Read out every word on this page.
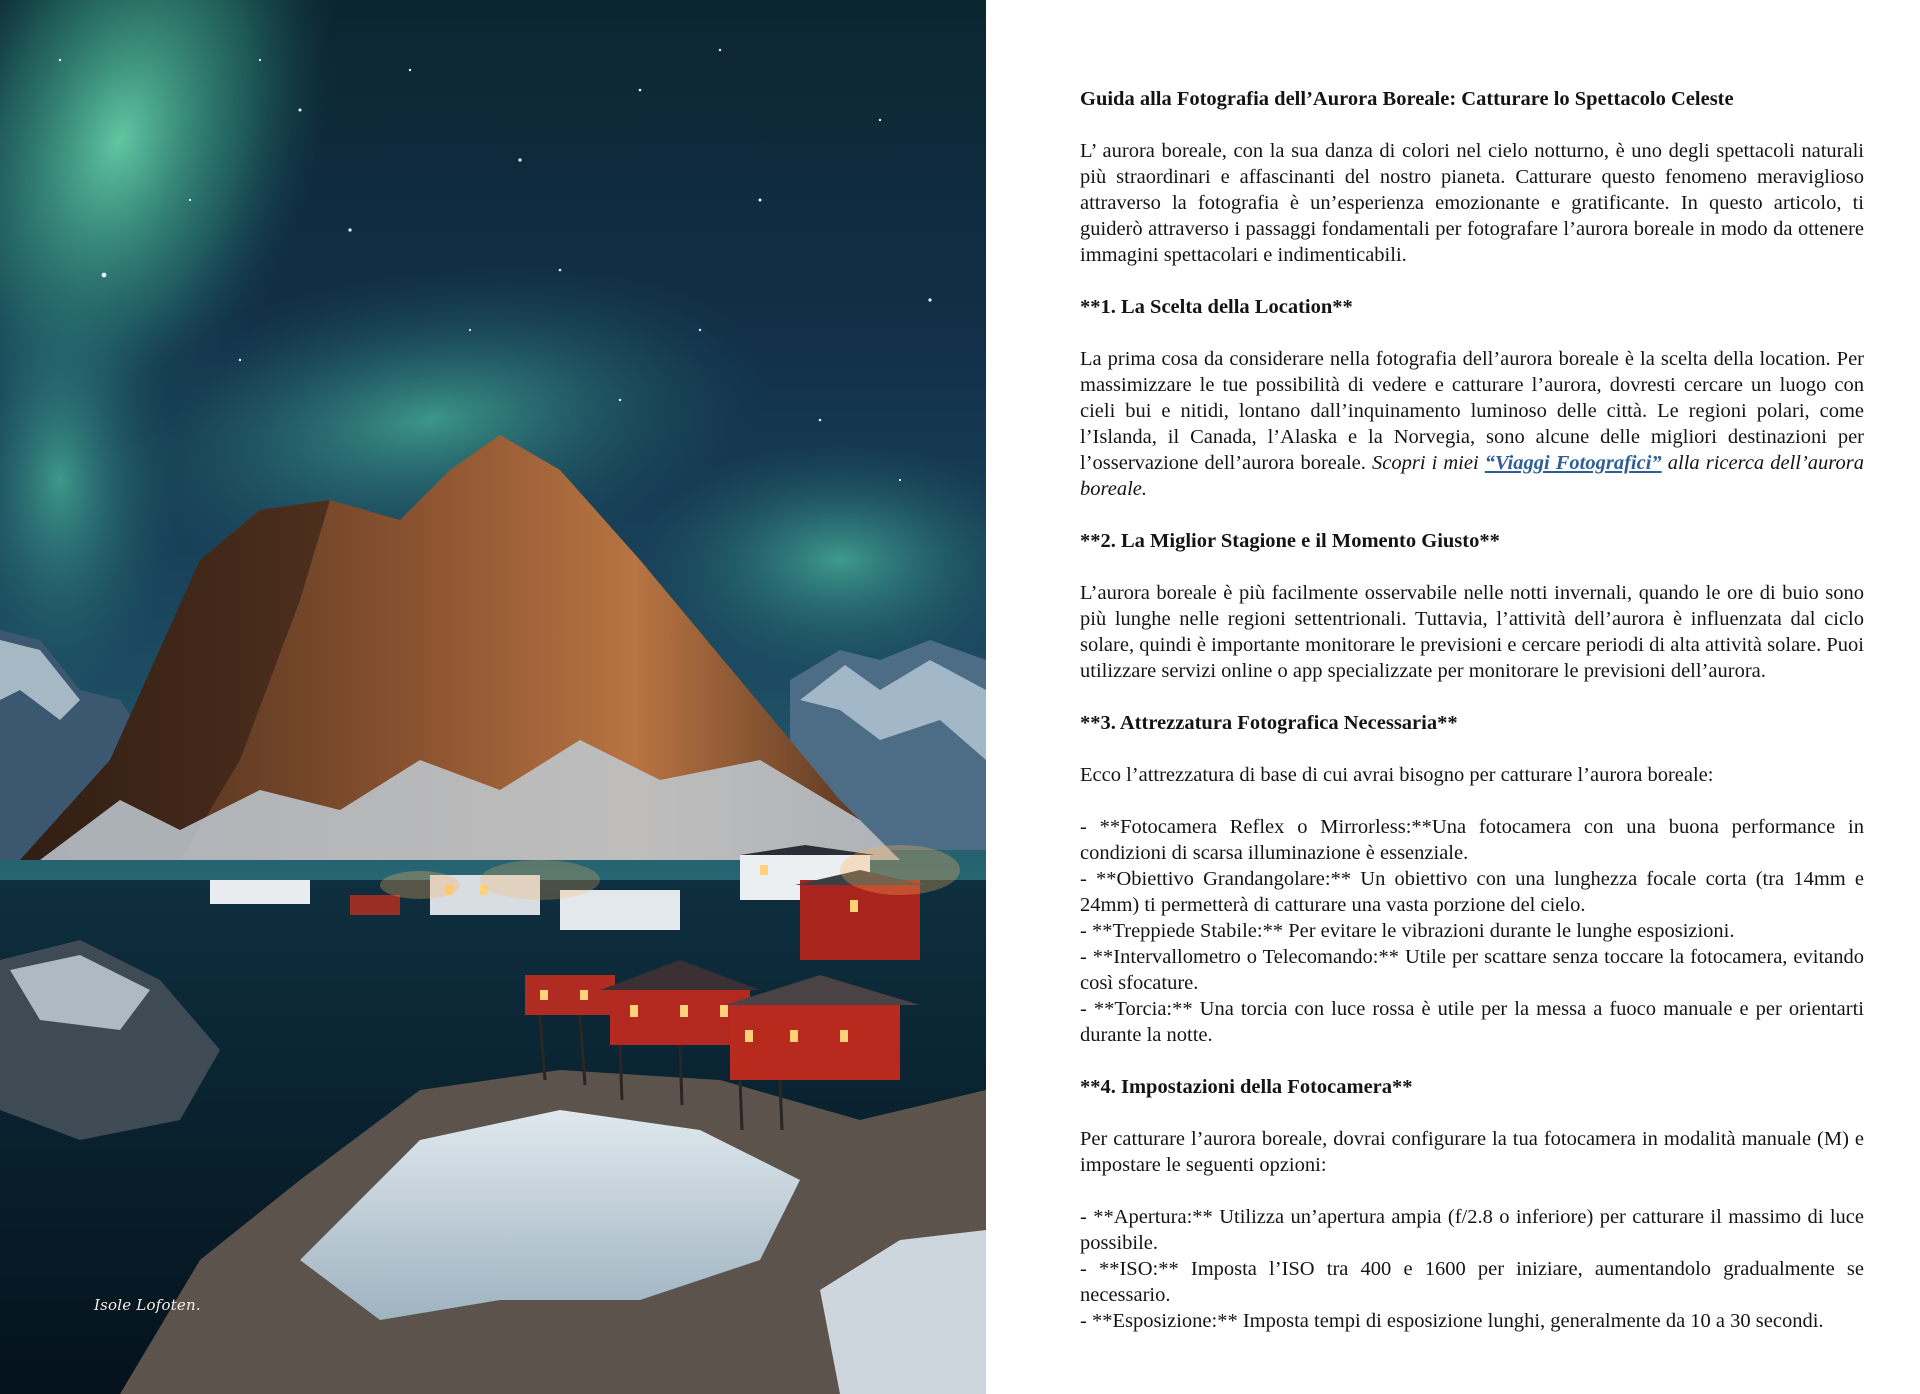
Isole Lofoten.

Guida alla Fotografia dell’Aurora Boreale: Catturare lo Spettacolo Celeste

L’ aurora boreale, con la sua danza di colori nel cielo notturno, è uno degli spettacoli naturali più straordinari e affascinanti del nostro pianeta. Catturare questo fenomeno meraviglioso attraverso la fotografia è un’esperienza emozionante e gratificante. In questo articolo, ti guiderò attraverso i passaggi fondamentali per fotografare l’aurora boreale in modo da ottenere immagini spettacolari e indimenticabili.

**1. La Scelta della Location**

La prima cosa da considerare nella fotografia dell’aurora boreale è la scelta della location. Per massimizzare le tue possibilità di vedere e catturare l’aurora, dovresti cercare un luogo con cieli bui e nitidi, lontano dall’inquinamento luminoso delle città. Le regioni polari, come l’Islanda, il Canada, l’Alaska e la Norvegia, sono alcune delle migliori destinazioni per l’osservazione dell’aurora boreale. Scopri i miei “Viaggi Fotografici” alla ricerca dell’aurora boreale.

**2. La Miglior Stagione e il Momento Giusto**

L’aurora boreale è più facilmente osservabile nelle notti invernali, quando le ore di buio sono più lunghe nelle regioni settentrionali. Tuttavia, l’attività dell’aurora è influenzata dal ciclo solare, quindi è importante monitorare le previsioni e cercare periodi di alta attività solare. Puoi utilizzare servizi online o app specializzate per monitorare le previsioni dell’aurora.

**3. Attrezzatura Fotografica Necessaria**

Ecco l’attrezzatura di base di cui avrai bisogno per catturare l’aurora boreale:

- **Fotocamera Reflex o Mirrorless:**Una fotocamera con una buona performance in condizioni di scarsa illuminazione è essenziale.
- **Obiettivo Grandangolare:** Un obiettivo con una lunghezza focale corta (tra 14mm e 24mm) ti permetterà di catturare una vasta porzione del cielo.
- **Treppiede Stabile:** Per evitare le vibrazioni durante le lunghe esposizioni.
- **Intervallometro o Telecomando:** Utile per scattare senza toccare la fotocamera, evitando così sfocature.
- **Torcia:** Una torcia con luce rossa è utile per la messa a fuoco manuale e per orientarti durante la notte.

**4. Impostazioni della Fotocamera**

Per catturare l’aurora boreale, dovrai configurare la tua fotocamera in modalità manuale (M) e impostare le seguenti opzioni:

- **Apertura:** Utilizza un’apertura ampia (f/2.8 o inferiore) per catturare il massimo di luce possibile.
- **ISO:** Imposta l’ISO tra 400 e 1600 per iniziare, aumentandolo gradualmente se necessario.
- **Esposizione:** Imposta tempi di esposizione lunghi, generalmente da 10 a 30 secondi.
